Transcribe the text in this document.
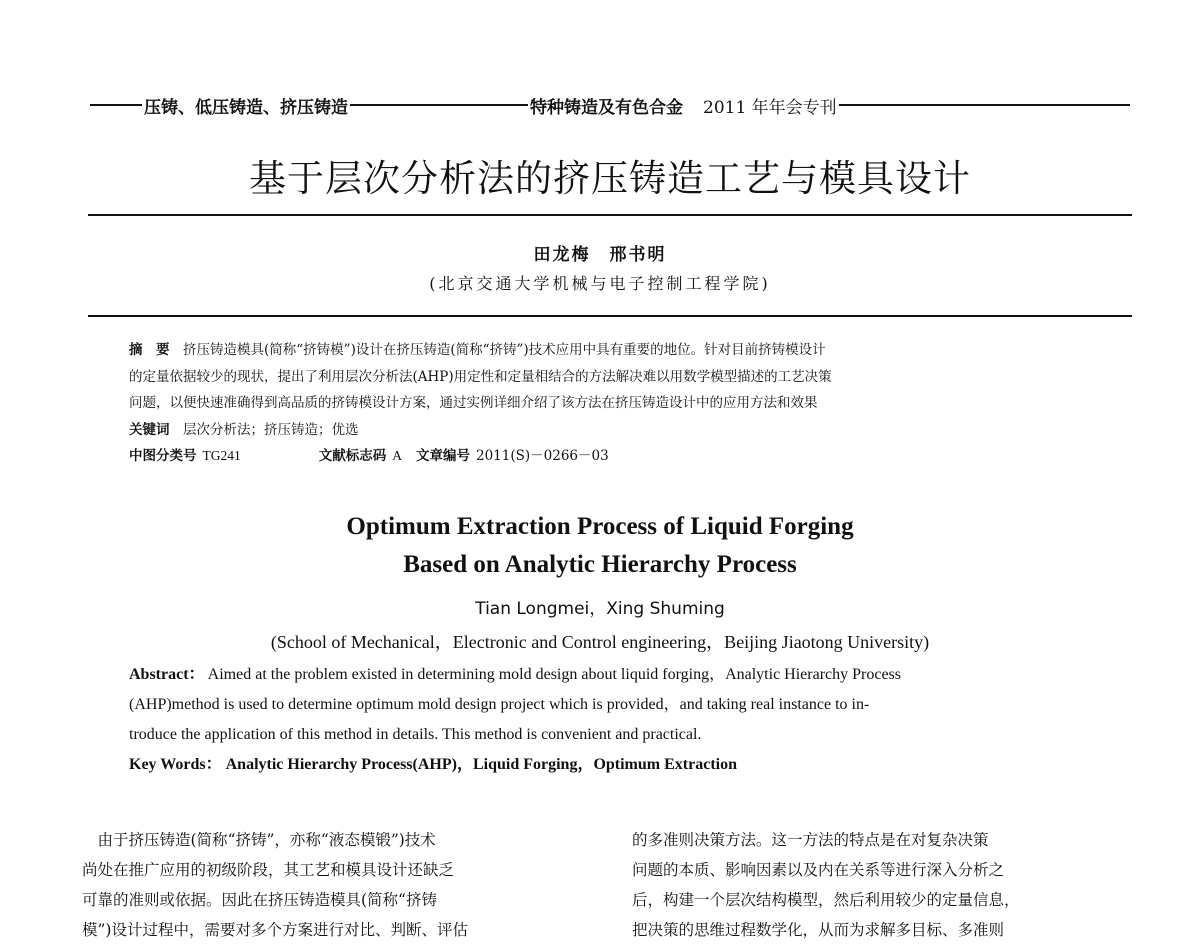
压铸、低压铸造、挤压铸造	特种铸造及有色合金 2011 年年会专刊
基于层次分析法的挤压铸造工艺与模具设计
田龙梅　邢书明
(北京交通大学机械与电子控制工程学院)

摘　要　 挤压铸造模具(简称“挤铸模”)设计在挤压铸造(简称“挤铸”)技术应用中具有重要的地位。针对目前挤铸模设计

的定量依据较少的现状，提出了利用层次分析法(AHP)用定性和定量相结合的方法解决难以用数学模型描述的工艺决策

问题，以便快速准确得到高品质的挤铸模设计方案，通过实例详细介绍了该方法在挤压铸造设计中的应用方法和效果

关键词　 层次分析法；挤压铸造；优选

中图分类号 TG241	文献标志码 A 文章编号 2011(S)－0266－03

Optimum Extraction Process of Liquid Forging
Based on Analytic Hierarchy Process
Tian Longmei，Xing Shuming
(School of Mechanical，Electronic and Control engineering，Beijing Jiaotong University)

Abstract： Aimed at the problem existed in determining mold design about liquid forging，Analytic Hierarchy Process

(AHP)method is used to determine optimum mold design project which is provided，and taking real instance to in-

troduce the application of this method in details. This method is convenient and practical.

Key Words： Analytic Hierarchy Process(AHP)，Liquid Forging，Optimum Extraction

　由于挤压铸造(简称“挤铸”，亦称“液态模锻”)技术

尚处在推广应用的初级阶段，其工艺和模具设计还缺乏

可靠的准则或依据。因此在挤压铸造模具(简称“挤铸

模”)设计过程中，需要对多个方案进行对比、判断、评估

的多准则决策方法。这一方法的特点是在对复杂决策

问题的本质、影响因素以及内在关系等进行深入分析之

后，构建一个层次结构模型，然后利用较少的定量信息，

把决策的思维过程数学化，从而为求解多目标、多准则
